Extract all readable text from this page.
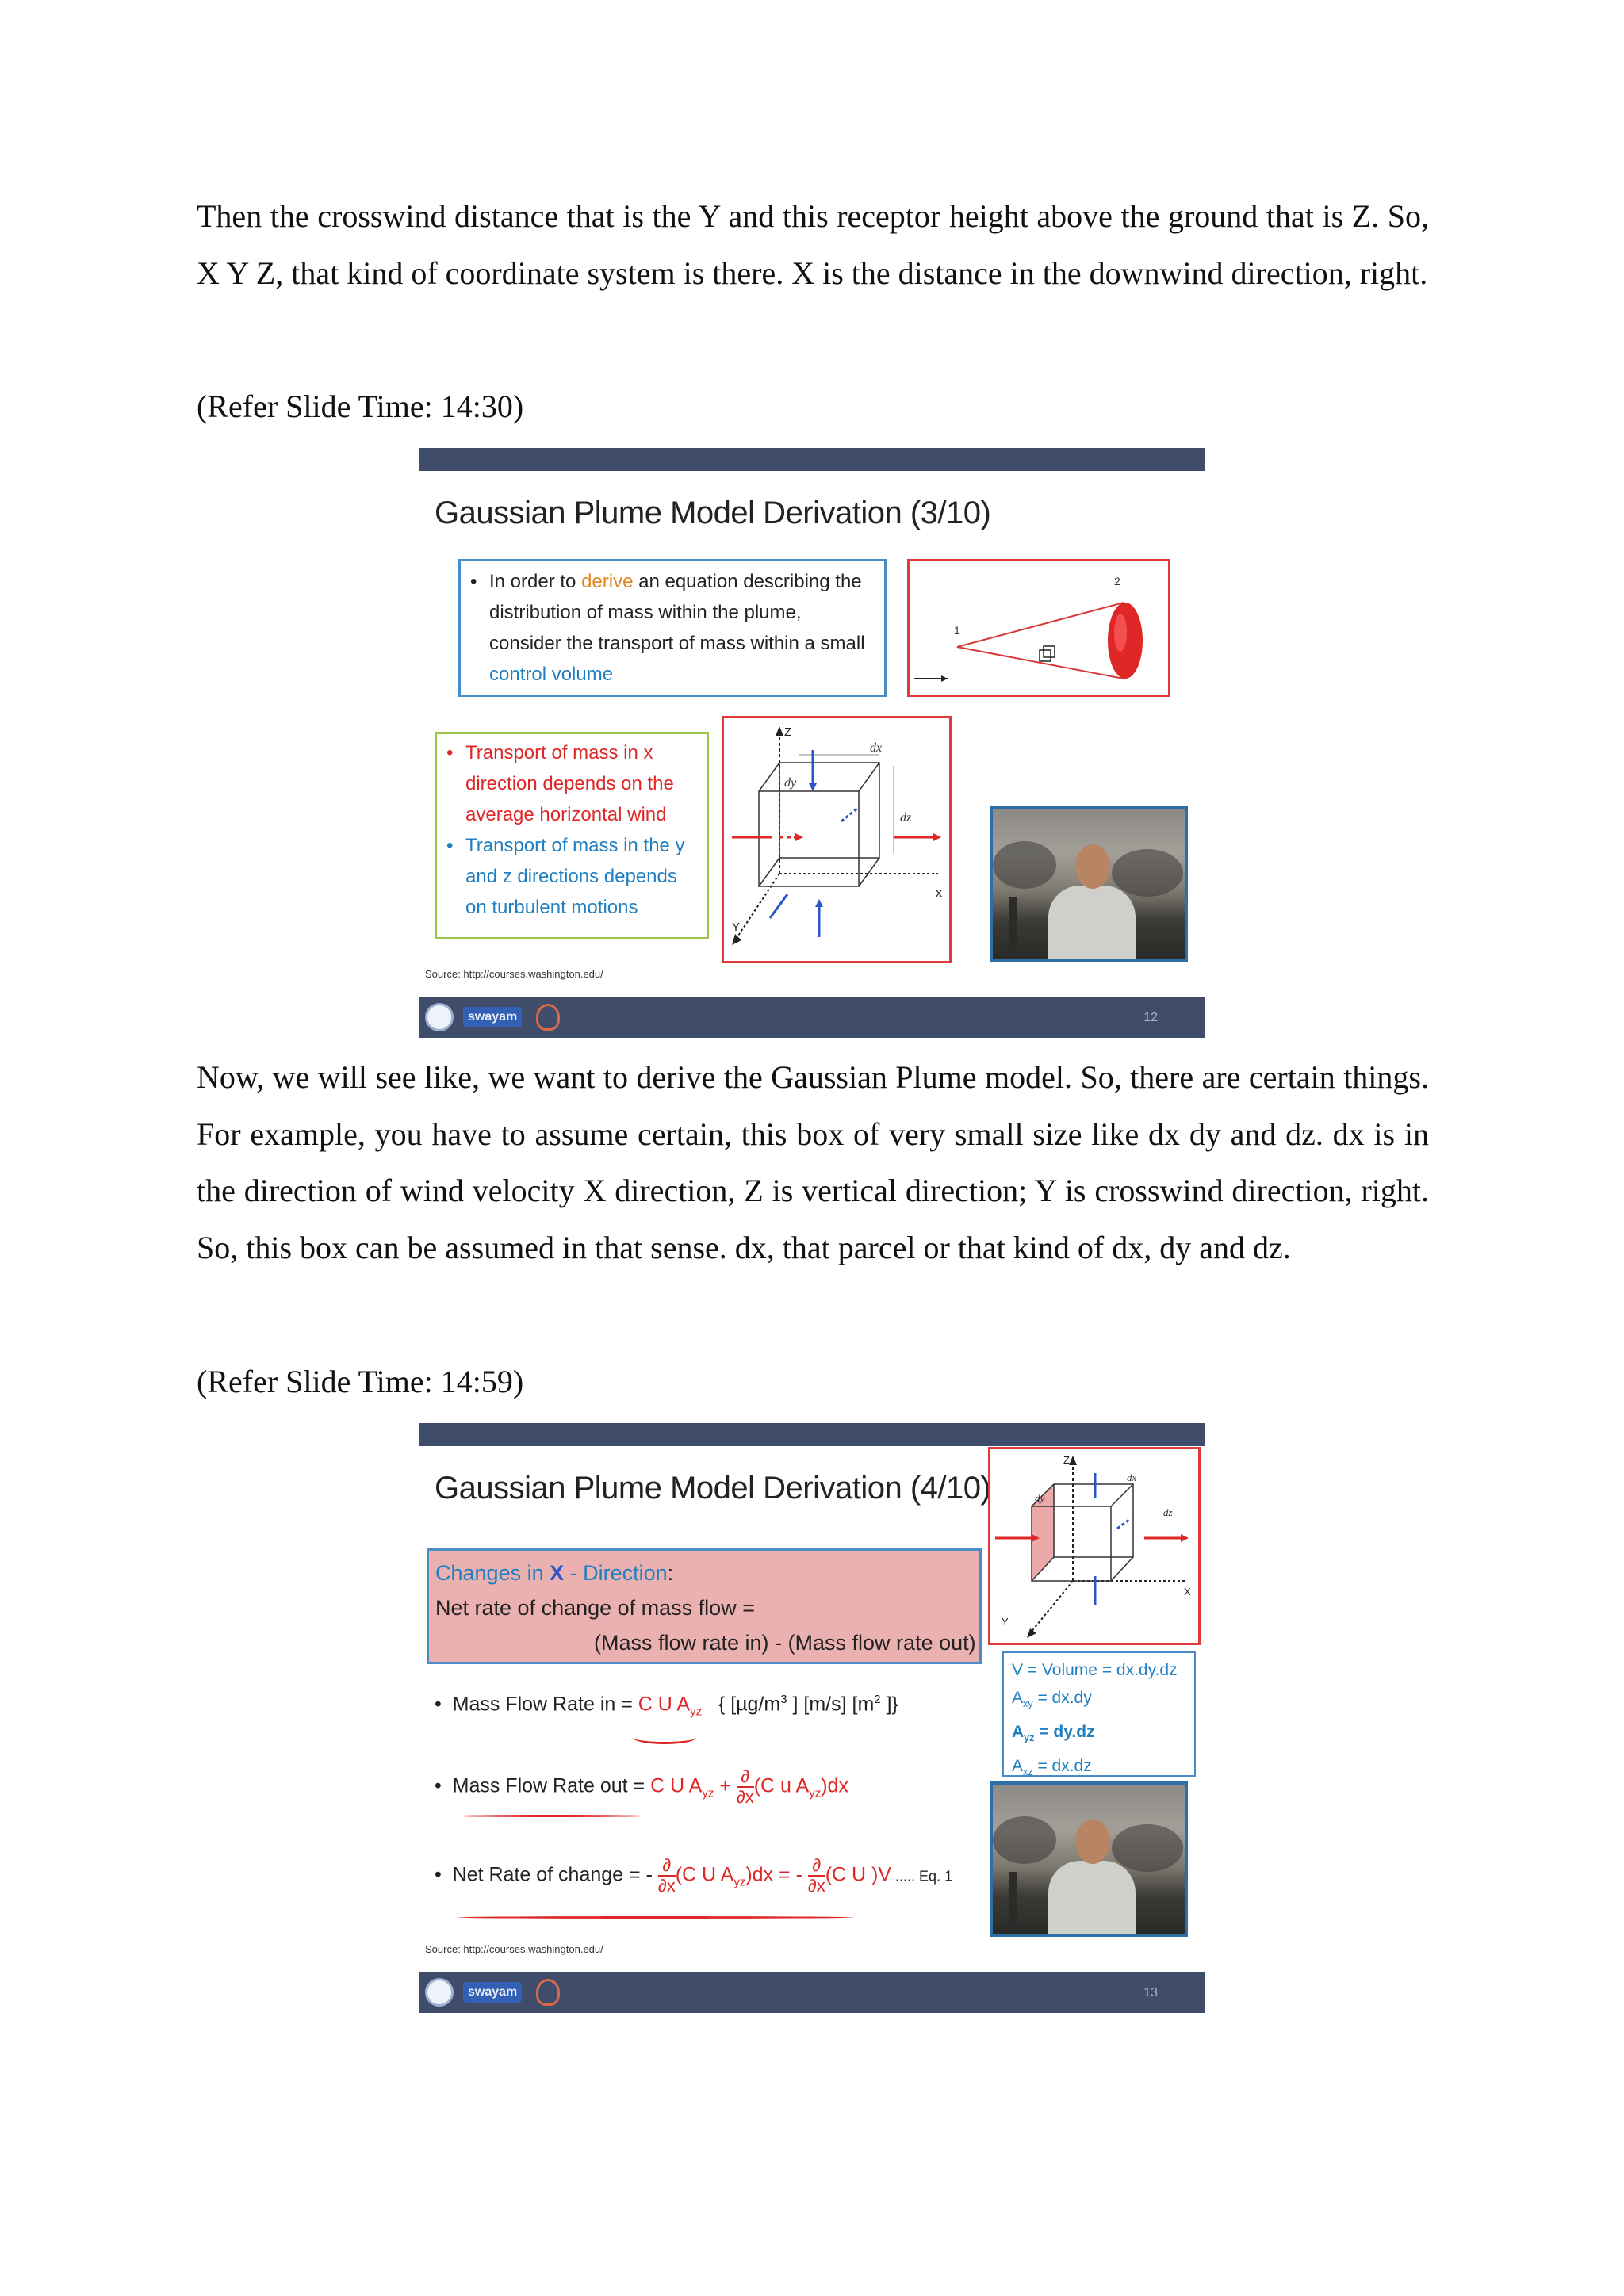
Then the crosswind distance that is the Y and this receptor height above the ground that is Z. So, X Y Z, that kind of coordinate system is there. X is the distance in the downwind direction, right.

(Refer Slide Time: 14:30)

Gaussian Plume Model Derivation (3/10)
• In order to derive an equation describing the distribution of mass within the plume, consider the transport of mass within a small control volume
1
2
• Transport of mass in x direction depends on the average horizontal wind
• Transport of mass in the y and z directions depends on turbulent motions
Z
X
Y
dx
dy
dz
Source: http://courses.washington.edu/
swayam	12

Now, we will see like, we want to derive the Gaussian Plume model. So, there are certain things. For example, you have to assume certain, this box of very small size like dx dy and dz. dx is in the direction of wind velocity X direction, Z is vertical direction; Y is crosswind direction, right. So, this box can be assumed in that sense. dx, that parcel or that kind of dx, dy and dz.

(Refer Slide Time: 14:59)

Gaussian Plume Model Derivation (4/10)
Changes in X - Direction:
Net rate of change of mass flow =
(Mass flow rate in) - (Mass flow rate out)
Z
X
Y
dx
dy
dz
V = Volume = dx.dy.dz
$A_{xy} = dx.dy$
$A_{yz} = dy.dz$
$A_{xz} = dx.dz$
•  Mass Flow Rate in = C U $A_{yz}$ { [$\mu g/m^3$ ] [m/s] [$m^2$ ]}
•  Mass Flow Rate out = C U $A_{yz} + \frac{\partial}{\partial x} (C$ u $A_{yz})dx$
•  Net Rate of change = - $\frac{\partial}{\partial x} (C$ U $A_{yz})dx$ = - $\frac{\partial}{\partial x} (C$ U )V ..... Eq. 1
Source: http://courses.washington.edu/
swayam	13
